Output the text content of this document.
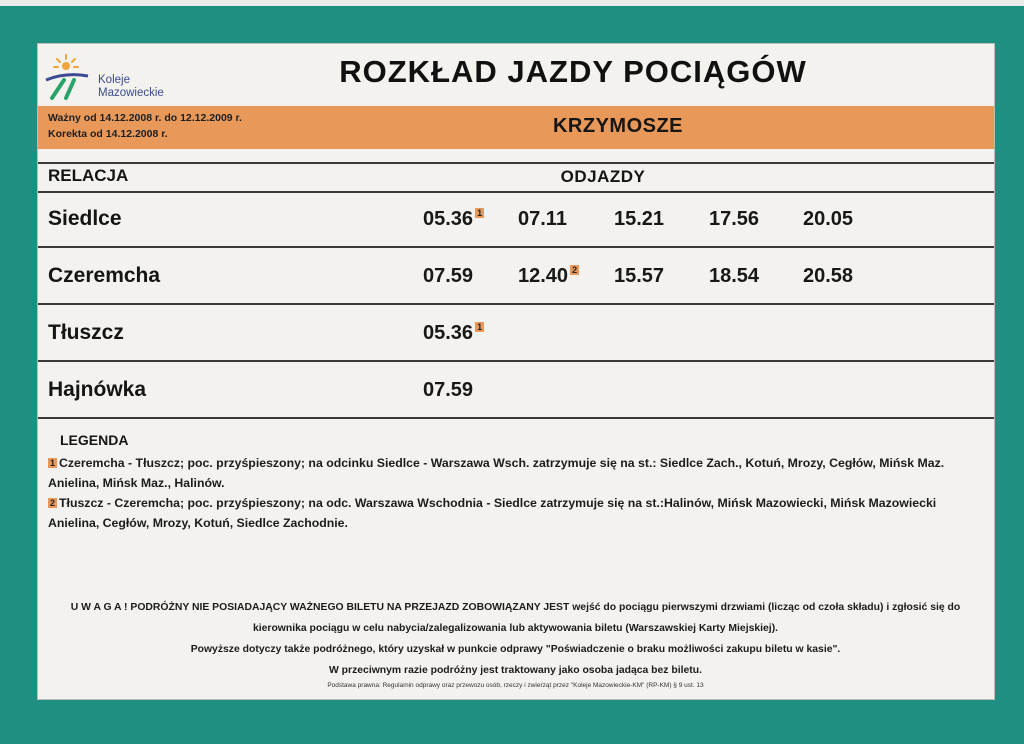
Koleje
Mazowieckie
ROZKŁAD JAZDY POCIĄGÓW
Ważny od 14.12.2008 r. do 12.12.2009 r.
Korekta od 14.12.2008 r.	KRZYMOSZE
RELACJA	ODJAZDY
Siedlce	05.36 $^1$ 07.11 15.21 17.56 20.05
Czeremcha	07.59 12.40 $^2$ 15.57 18.54 20.58
Tłuszcz	05.36 $^1$
Hajnówka	07.59
LEGENDA

1 Czeremcha - Tłuszcz; poc. przyśpieszony; na odcinku Siedlce - Warszawa Wsch. zatrzymuje się na st.: Siedlce Zach., Kotuń, Mrozy, Cegłów, Mińsk Maz. Anielina, Mińsk Maz., Halinów.

2 Tłuszcz - Czeremcha; poc. przyśpieszony; na odc. Warszawa Wschodnia - Siedlce zatrzymuje się na st.:Halinów, Mińsk Mazowiecki, Mińsk Mazowiecki Anielina, Cegłów, Mrozy, Kotuń, Siedlce Zachodnie.

U W A G A ! PODRÓŻNY NIE POSIADAJĄCY WAŻNEGO BILETU NA PRZEJAZD ZOBOWIĄZANY JEST wejść do pociągu pierwszymi drzwiami (licząc od czoła składu) i zgłosić się do kierownika pociągu w celu nabycia/zalegalizowania lub aktywowania biletu (Warszawskiej Karty Miejskiej).

Powyższe dotyczy także podróżnego, który uzyskał w punkcie odprawy "Poświadczenie o braku możliwości zakupu biletu w kasie".

W przeciwnym razie podróżny jest traktowany jako osoba jadąca bez biletu.

Podstawa prawna: Regulamin odprawy oraz przewozu osób, rzeczy i zwierząt przez "Koleje Mazowieckie-KM" (RP-KM) § 9 ust. 13
